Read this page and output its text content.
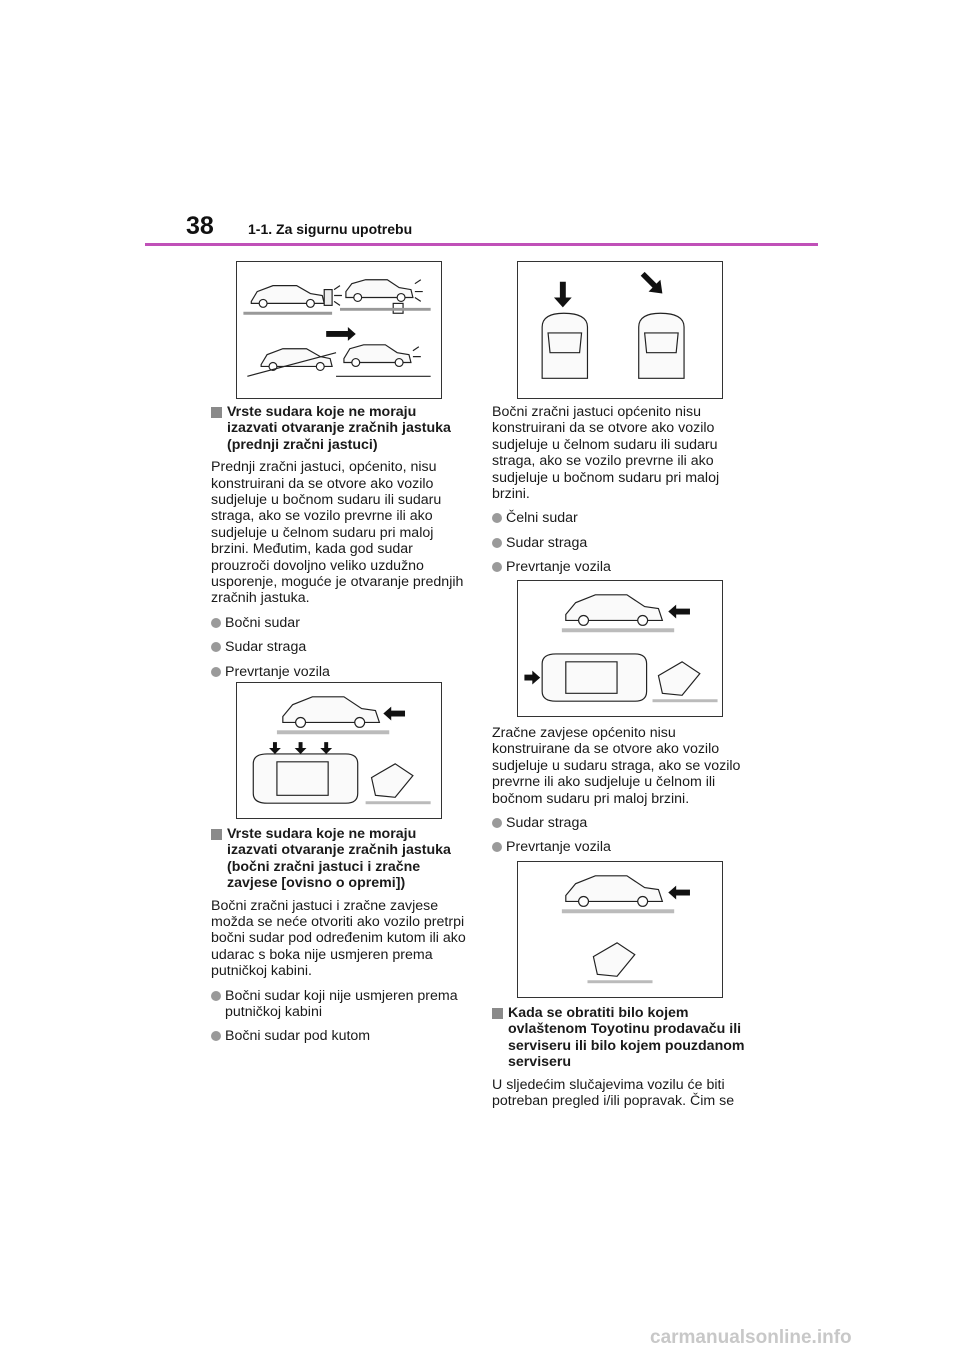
38 1-1. Za sigurnu upotrebu

Vrste sudara koje ne moraju izazvati otvaranje zračnih jastuka (prednji zračni jastuci)

Prednji zračni jastuci, općenito, nisu konstruirani da se otvore ako vozilo sudjeluje u bočnom sudaru ili sudaru straga, ako se vozilo prevrne ili ako sudjeluje u čelnom sudaru pri maloj brzini. Međutim, kada god sudar prouzroči dovoljno veliko uzdužno usporenje, moguće je otvaranje prednjih zračnih jastuka.

Bočni sudar

Sudar straga

Prevrtanje vozila

Vrste sudara koje ne moraju izazvati otvaranje zračnih jastuka (bočni zračni jastuci i zračne zavjese [ovisno o opremi])

Bočni zračni jastuci i zračne zavjese možda se neće otvoriti ako vozilo pretrpi bočni sudar pod određenim kutom ili ako udarac s boka nije usmjeren prema putničkoj kabini.

Bočni sudar koji nije usmjeren prema putničkoj kabini

Bočni sudar pod kutom

Bočni zračni jastuci općenito nisu konstruirani da se otvore ako vozilo sudjeluje u čelnom sudaru ili sudaru straga, ako se vozilo prevrne ili ako sudjeluje u bočnom sudaru pri maloj brzini.

Čelni sudar

Sudar straga

Prevrtanje vozila

Zračne zavjese općenito nisu konstruirane da se otvore ako vozilo sudjeluje u sudaru straga, ako se vozilo prevrne ili ako sudjeluje u čelnom ili bočnom sudaru pri maloj brzini.

Sudar straga

Prevrtanje vozila

Kada se obratiti bilo kojem ovlaštenom Toyotinu prodavaču ili serviseru ili bilo kojem pouzdanom serviseru

U sljedećim slučajevima vozilu će biti potreban pregled i/ili popravak. Čim se

carmanualsonline.info
